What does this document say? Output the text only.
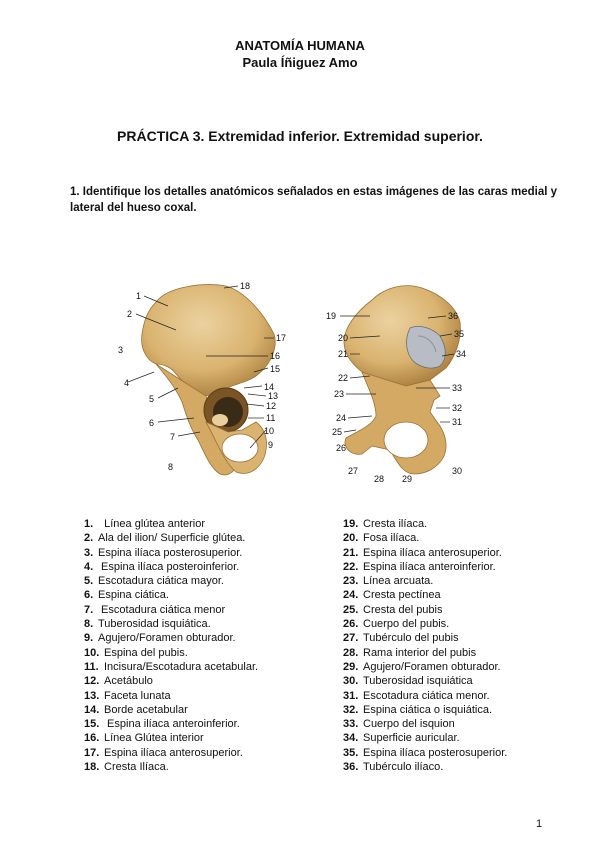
ANATOMÍA HUMANA
Paula Íñiguez Amo
PRÁCTICA 3. Extremidad inferior. Extremidad superior.
1. Identifique los detalles anatómicos señalados en estas imágenes de las caras medial y lateral del hueso coxal.
1
2
3
4
5
6
7
8
9
10
11
12
13
14
15
16
17
18
19
20
21
22
23
24
25
26
27
28 29
30
31
32
33
34
35
36
1.  Línea glútea anterior
2. Ala del ilion/ Superficie glútea.
3. Espina ilíaca posterosuperior.
4. Espina ilíaca posteroinferior.
5. Escotadura ciática mayor.
6. Espina ciática.
7. Escotadura ciática menor
8. Tuberosidad isquiática.
9. Agujero/Foramen obturador.
10. Espina del pubis.
11. Incisura/Escotadura acetabular.
12. Acetábulo
13. Faceta lunata
14. Borde acetabular
15. Espina ilíaca anteroinferior.
16. Línea Glútea interior
17. Espina ilíaca anterosuperior.
18. Cresta Ilíaca.
19. Cresta ilíaca.
20. Fosa ilíaca.
21. Espina ilíaca anterosuperior.
22. Espina ilíaca anteroinferior.
23. Línea arcuata.
24. Cresta pectínea
25. Cresta del pubis
26. Cuerpo del pubis.
27. Tubérculo del pubis
28. Rama interior del pubis
29. Agujero/Foramen obturador.
30. Tuberosidad isquiática
31. Escotadura ciática menor.
32. Espina ciática o isquiática.
33. Cuerpo del isquion
34. Superficie auricular.
35. Espina ilíaca posterosuperior.
36. Tubérculo ilíaco.
1
